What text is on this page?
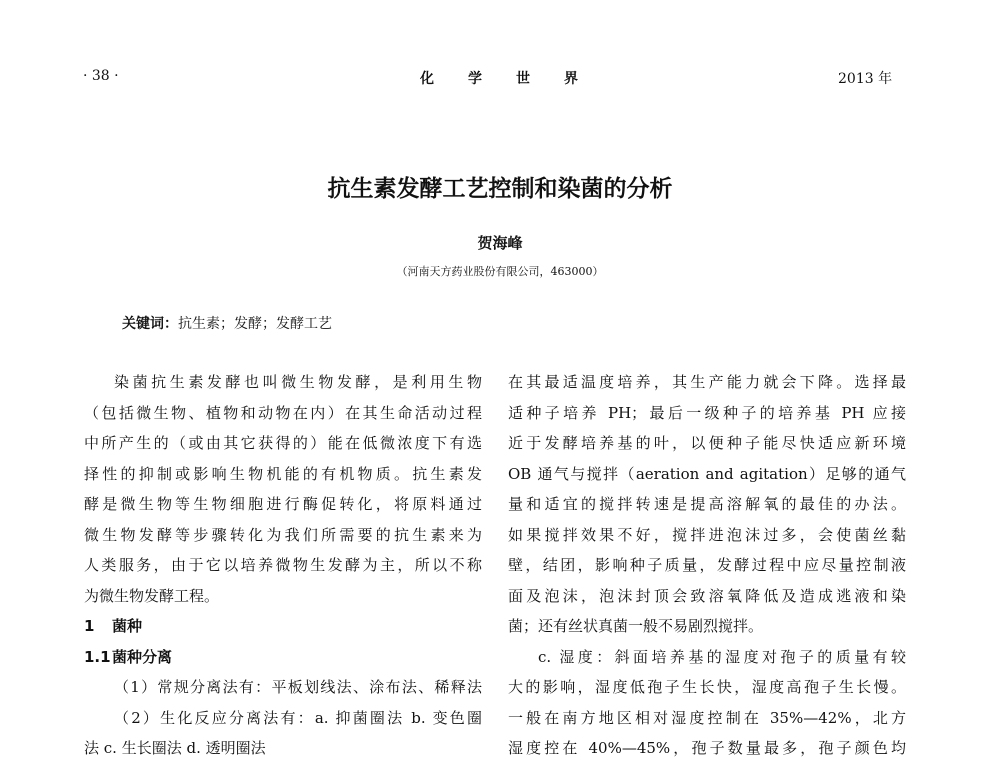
· 38 ·	化学世界	2013 年
抗生素发酵工艺控制和染菌的分析
贺海峰
（河南天方药业股份有限公司，463000）
关键词：抗生素；发酵；发酵工艺
染菌抗生素发酵也叫微生物发酵，是利用生物
（包括微生物、植物和动物在内）在其生命活动过程
中所产生的（或由其它获得的）能在低微浓度下有选
择性的抑制或影响生物机能的有机物质。抗生素发
酵是微生物等生物细胞进行酶促转化，将原料通过
微生物发酵等步骤转化为我们所需要的抗生素来为
人类服务，由于它以培养微物生发酵为主，所以不称
为微生物发酵工程。
1 菌种
1.1菌种分离
（1）常规分离法有：平板划线法、涂布法、稀释法
（2）生化反应分离法有：a. 抑菌圈法 b. 变色圈
法 c. 生长圈法 d. 透明圈法
在其最适温度培养，其生产能力就会下降。选择最
适种子培养 PH；最后一级种子的培养基 PH 应接
近于发酵培养基的叶，以便种子能尽快适应新环境
OB 通气与搅拌（aeration and agitation）足够的通气
量和适宜的搅拌转速是提高溶解氧的最佳的办法。
如果搅拌效果不好，搅拌进泡沫过多，会使菌丝黏
壁，结团，影响种子质量，发酵过程中应尽量控制液
面及泡沫，泡沫封顶会致溶氧降低及造成逃液和染
菌；还有丝状真菌一般不易剧烈搅拌。
c. 湿度：斜面培养基的湿度对孢子的质量有较
大的影响，湿度低孢子生长快，湿度高孢子生长慢。
一般在南方地区相对湿度控制在 35%—42%，北方
湿度控在 40%—45%，孢子数量最多，孢子颜色均
